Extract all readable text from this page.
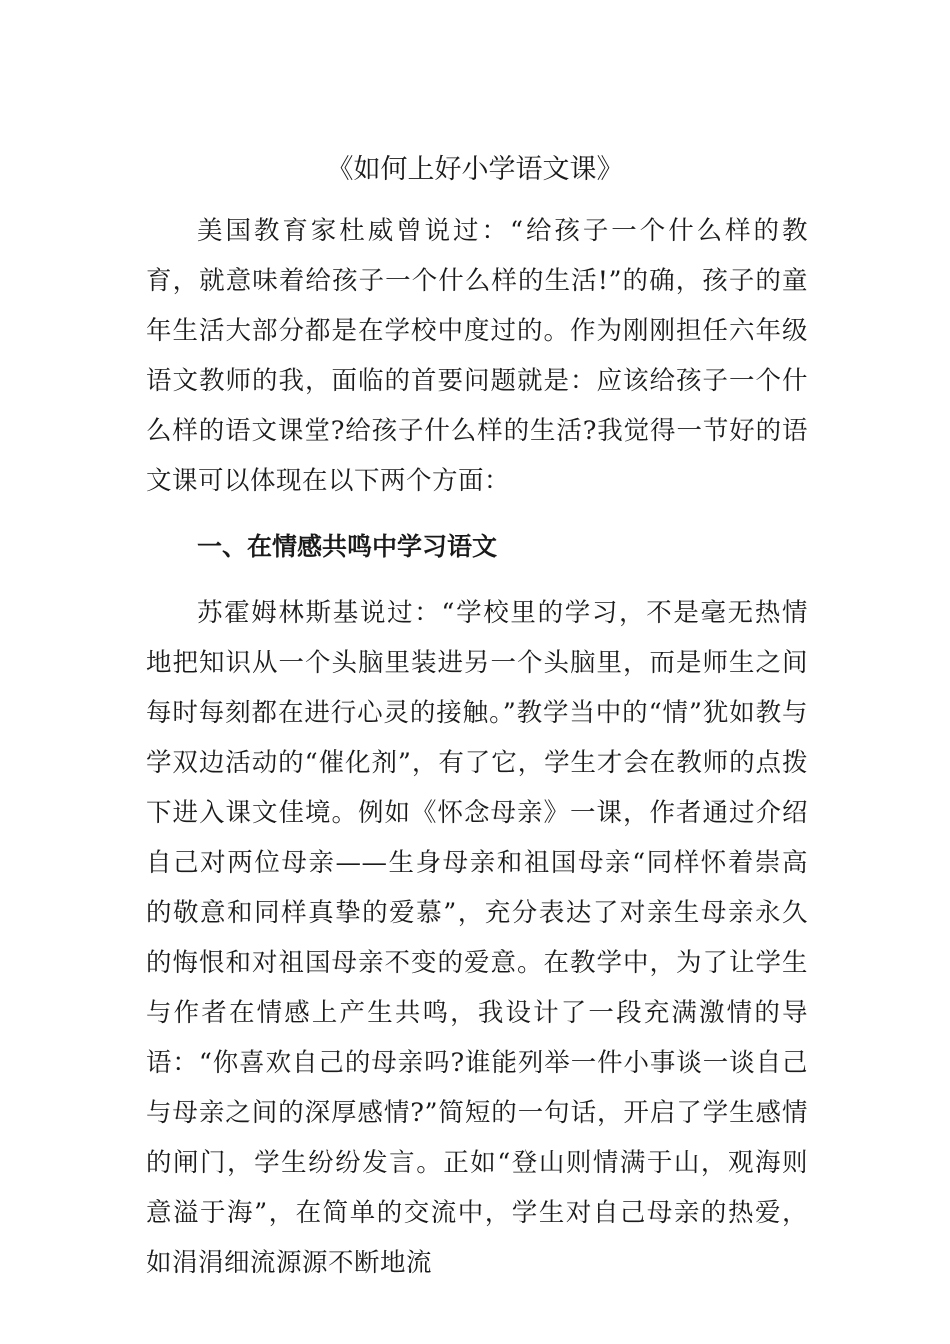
《如何上好小学语文课》

美国教育家杜威曾说过：“给孩子一个什么样的教育，就意味着给孩子一个什么样的生活!”的确，孩子的童年生活大部分都是在学校中度过的。作为刚刚担任六年级语文教师的我，面临的首要问题就是：应该给孩子一个什么样的语文课堂?给孩子什么样的生活?我觉得一节好的语文课可以体现在以下两个方面：

一、在情感共鸣中学习语文

苏霍姆林斯基说过：“学校里的学习，不是毫无热情地把知识从一个头脑里装进另一个头脑里，而是师生之间每时每刻都在进行心灵的接触。”教学当中的“情”犹如教与学双边活动的“催化剂”，有了它，学生才会在教师的点拨下进入课文佳境。例如《怀念母亲》一课，作者通过介绍自己对两位母亲——生身母亲和祖国母亲“同样怀着崇高的敬意和同样真挚的爱慕”，充分表达了对亲生母亲永久的悔恨和对祖国母亲不变的爱意。在教学中，为了让学生与作者在情感上产生共鸣，我设计了一段充满激情的导语：“你喜欢自己的母亲吗?谁能列举一件小事谈一谈自己与母亲之间的深厚感情?”简短的一句话，开启了学生感情的闸门，学生纷纷发言。正如“登山则情满于山，观海则意溢于海”，在简单的交流中，学生对自己母亲的热爱，如涓涓细流源源不断地流
